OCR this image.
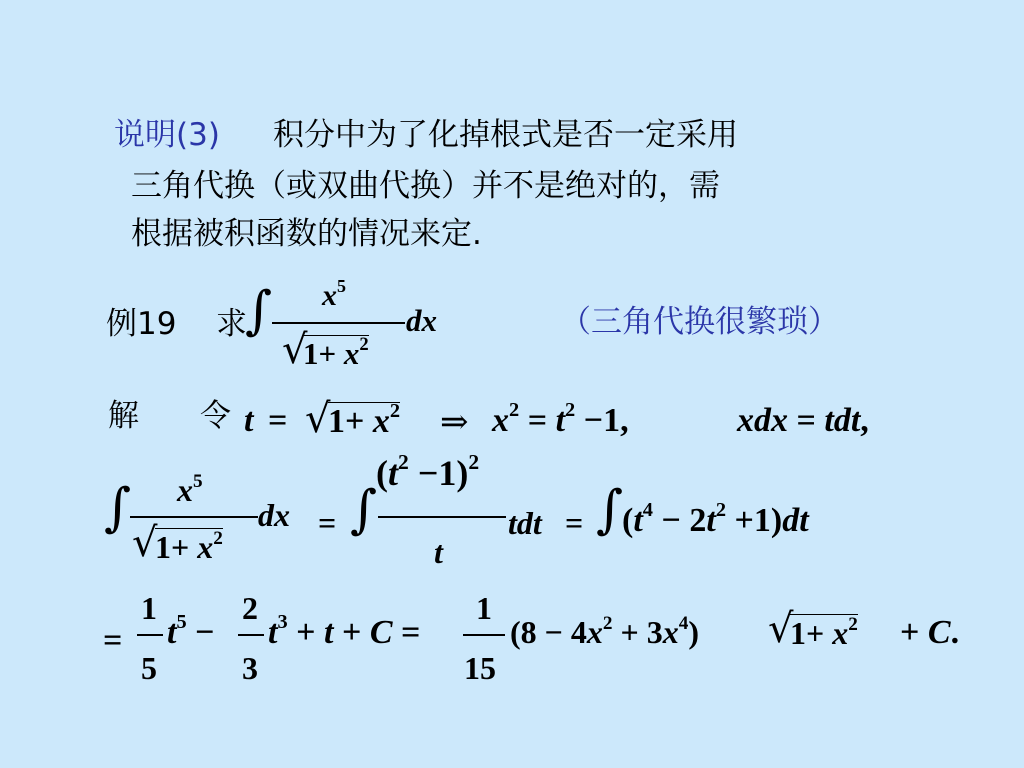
说明(3) 积分中为了化掉根式是否一定采用
三角代换（或双曲代换）并不是绝对的，需
根据被积函数的情况来定.
例19 求	（三角代换很繁琐）
∫ $x^5$
√
$1+ x^2$
dx
解 令 t = √
$1+ x^2$ ⇒ $x^2 = t^2 -1$,	xdx = tdt,
∫ $x^5$
√
$1+ x^2$
dx = ∫
$(t^2 -1)^2$
t
tdt = ∫
$(t^4 - 2t^2 +1)dt$
=
1
5
$t^5$ −
2
3
$t^3 + t + C$ =
1
15
$(8 - 4x^2 + 3x^4)$ √
$1+ x^2 + C$.
